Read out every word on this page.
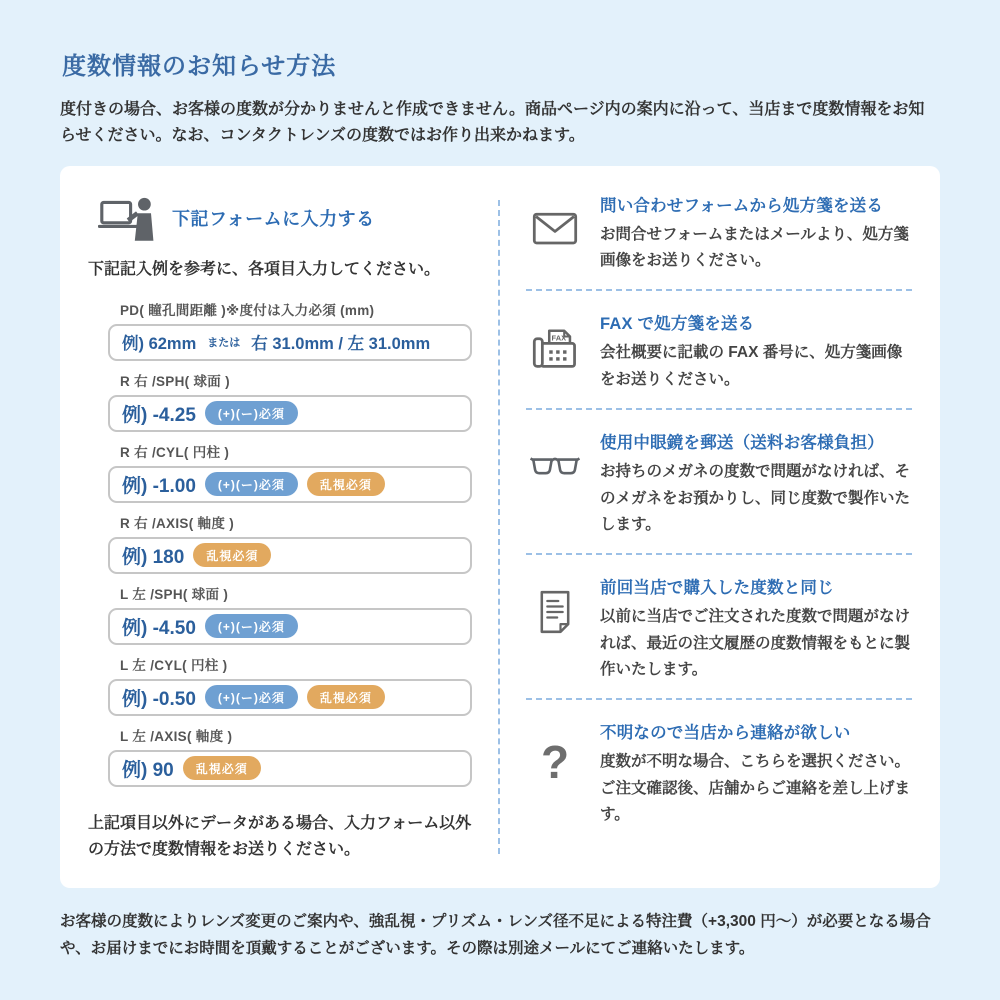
度数情報のお知らせ方法

度付きの場合、お客様の度数が分かりませんと作成できません。商品ページ内の案内に沿って、当店まで度数情報をお知らせください。なお、コンタクトレンズの度数ではお作り出来かねます。

下記フォームに入力する

下記記入例を参考に、各項目入力してください。

PD( 瞳孔間距離 )※度付は入力必須 (mm)
例) 62mm または 右 31.0mm / 左 31.0mm
R 右 /SPH( 球面 )
例) -4.25	(+)(ー)必須
R 右 /CYL( 円柱 )
例) -1.00	(+)(ー)必須	乱視必須
R 右 /AXIS( 軸度 )
例) 180	乱視必須
L 左 /SPH( 球面 )
例) -4.50	(+)(ー)必須
L 左 /CYL( 円柱 )
例) -0.50	(+)(ー)必須	乱視必須
L 左 /AXIS( 軸度 )
例) 90	乱視必須

上記項目以外にデータがある場合、入力フォーム以外の方法で度数情報をお送りください。

問い合わせフォームから処方箋を送る
お問合せフォームまたはメールより、処方箋画像をお送りください。
FAX
FAX で処方箋を送る
会社概要に記載の FAX 番号に、処方箋画像をお送りください。
使用中眼鏡を郵送（送料お客様負担）
お持ちのメガネの度数で問題がなければ、そのメガネをお預かりし、同じ度数で製作いたします。
前回当店で購入した度数と同じ
以前に当店でご注文された度数で問題がなければ、最近の注文履歴の度数情報をもとに製作いたします。
?
不明なので当店から連絡が欲しい
度数が不明な場合、こちらを選択ください。ご注文確認後、店舗からご連絡を差し上げます。

お客様の度数によりレンズ変更のご案内や、強乱視・プリズム・レンズ径不足による特注費（+3,300 円〜）が必要となる場合や、お届けまでにお時間を頂戴することがございます。その際は別途メールにてご連絡いたします。
